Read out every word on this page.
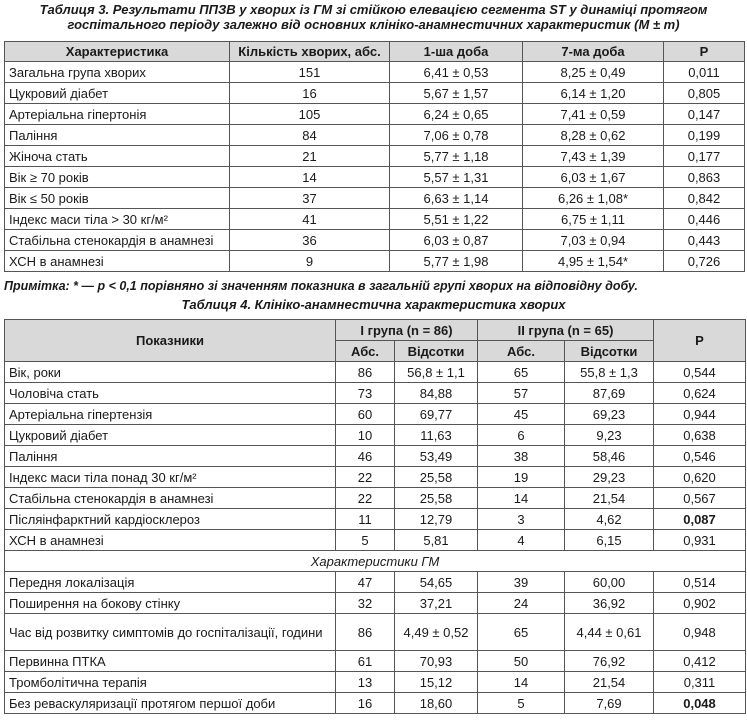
Таблиця 3. Результати ППЗВ у хворих із ГМ зі стійкою елевацією сегмента ST у динаміці протягом
госпітального періоду залежно від основних клініко-анамнестичних характеристик (M ± m)
Характеристика	Кількість хворих, абс.	1-ша доба	7-ма доба	P
Загальна група хворих	151	6,41 ± 0,53	8,25 ± 0,49	0,011
Цукровий діабет	16	5,67 ± 1,57	6,14 ± 1,20	0,805
Артеріальна гіпертонія	105	6,24 ± 0,65	7,41 ± 0,59	0,147
Паління	84	7,06 ± 0,78	8,28 ± 0,62	0,199
Жіноча стать	21	5,77 ± 1,18	7,43 ± 1,39	0,177
Вік ≥ 70 років	14	5,57 ± 1,31	6,03 ± 1,67	0,863
Вік ≤ 50 років	37	6,63 ± 1,14	6,26 ± 1,08*	0,842
Індекс маси тіла > 30 кг/м²	41	5,51 ± 1,22	6,75 ± 1,11	0,446
Стабільна стенокардія в анамнезі	36	6,03 ± 0,87	7,03 ± 0,94	0,443
ХСН в анамнезі	9	5,77 ± 1,98	4,95 ± 1,54*	0,726
Примітка: * — p < 0,1 порівняно зі значенням показника в загальній групі хворих на відповідну добу.
Таблиця 4. Клініко-анамнестична характеристика хворих
Показники	I група (n = 86)		II група (n = 65)		P
	Абс.	Відсотки	Абс.	Відсотки	
Вік, роки	86	56,8 ± 1,1	65	55,8 ± 1,3	0,544
Чоловіча стать	73	84,88	57	87,69	0,624
Артеріальна гіпертензія	60	69,77	45	69,23	0,944
Цукровий діабет	10	11,63	6	9,23	0,638
Паління	46	53,49	38	58,46	0,546
Індекс маси тіла понад 30 кг/м²	22	25,58	19	29,23	0,620
Стабільна стенокардія в анамнезі	22	25,58	14	21,54	0,567
Післяінфарктний кардіосклероз	11	12,79	3	4,62	0,087
ХСН в анамнезі	5	5,81	4	6,15	0,931
Характеристики ГМ					
Передня локалізація	47	54,65	39	60,00	0,514
Поширення на бокову стінку	32	37,21	24	36,92	0,902
Час від розвитку симптомів до госпіталізації, години	86	4,49 ± 0,52	65	4,44 ± 0,61	0,948
Первинна ПТКА	61	70,93	50	76,92	0,412
Тромболітична терапія	13	15,12	14	21,54	0,311
Без реваскуляризації протягом першої доби	16	18,60	5	7,69	0,048
